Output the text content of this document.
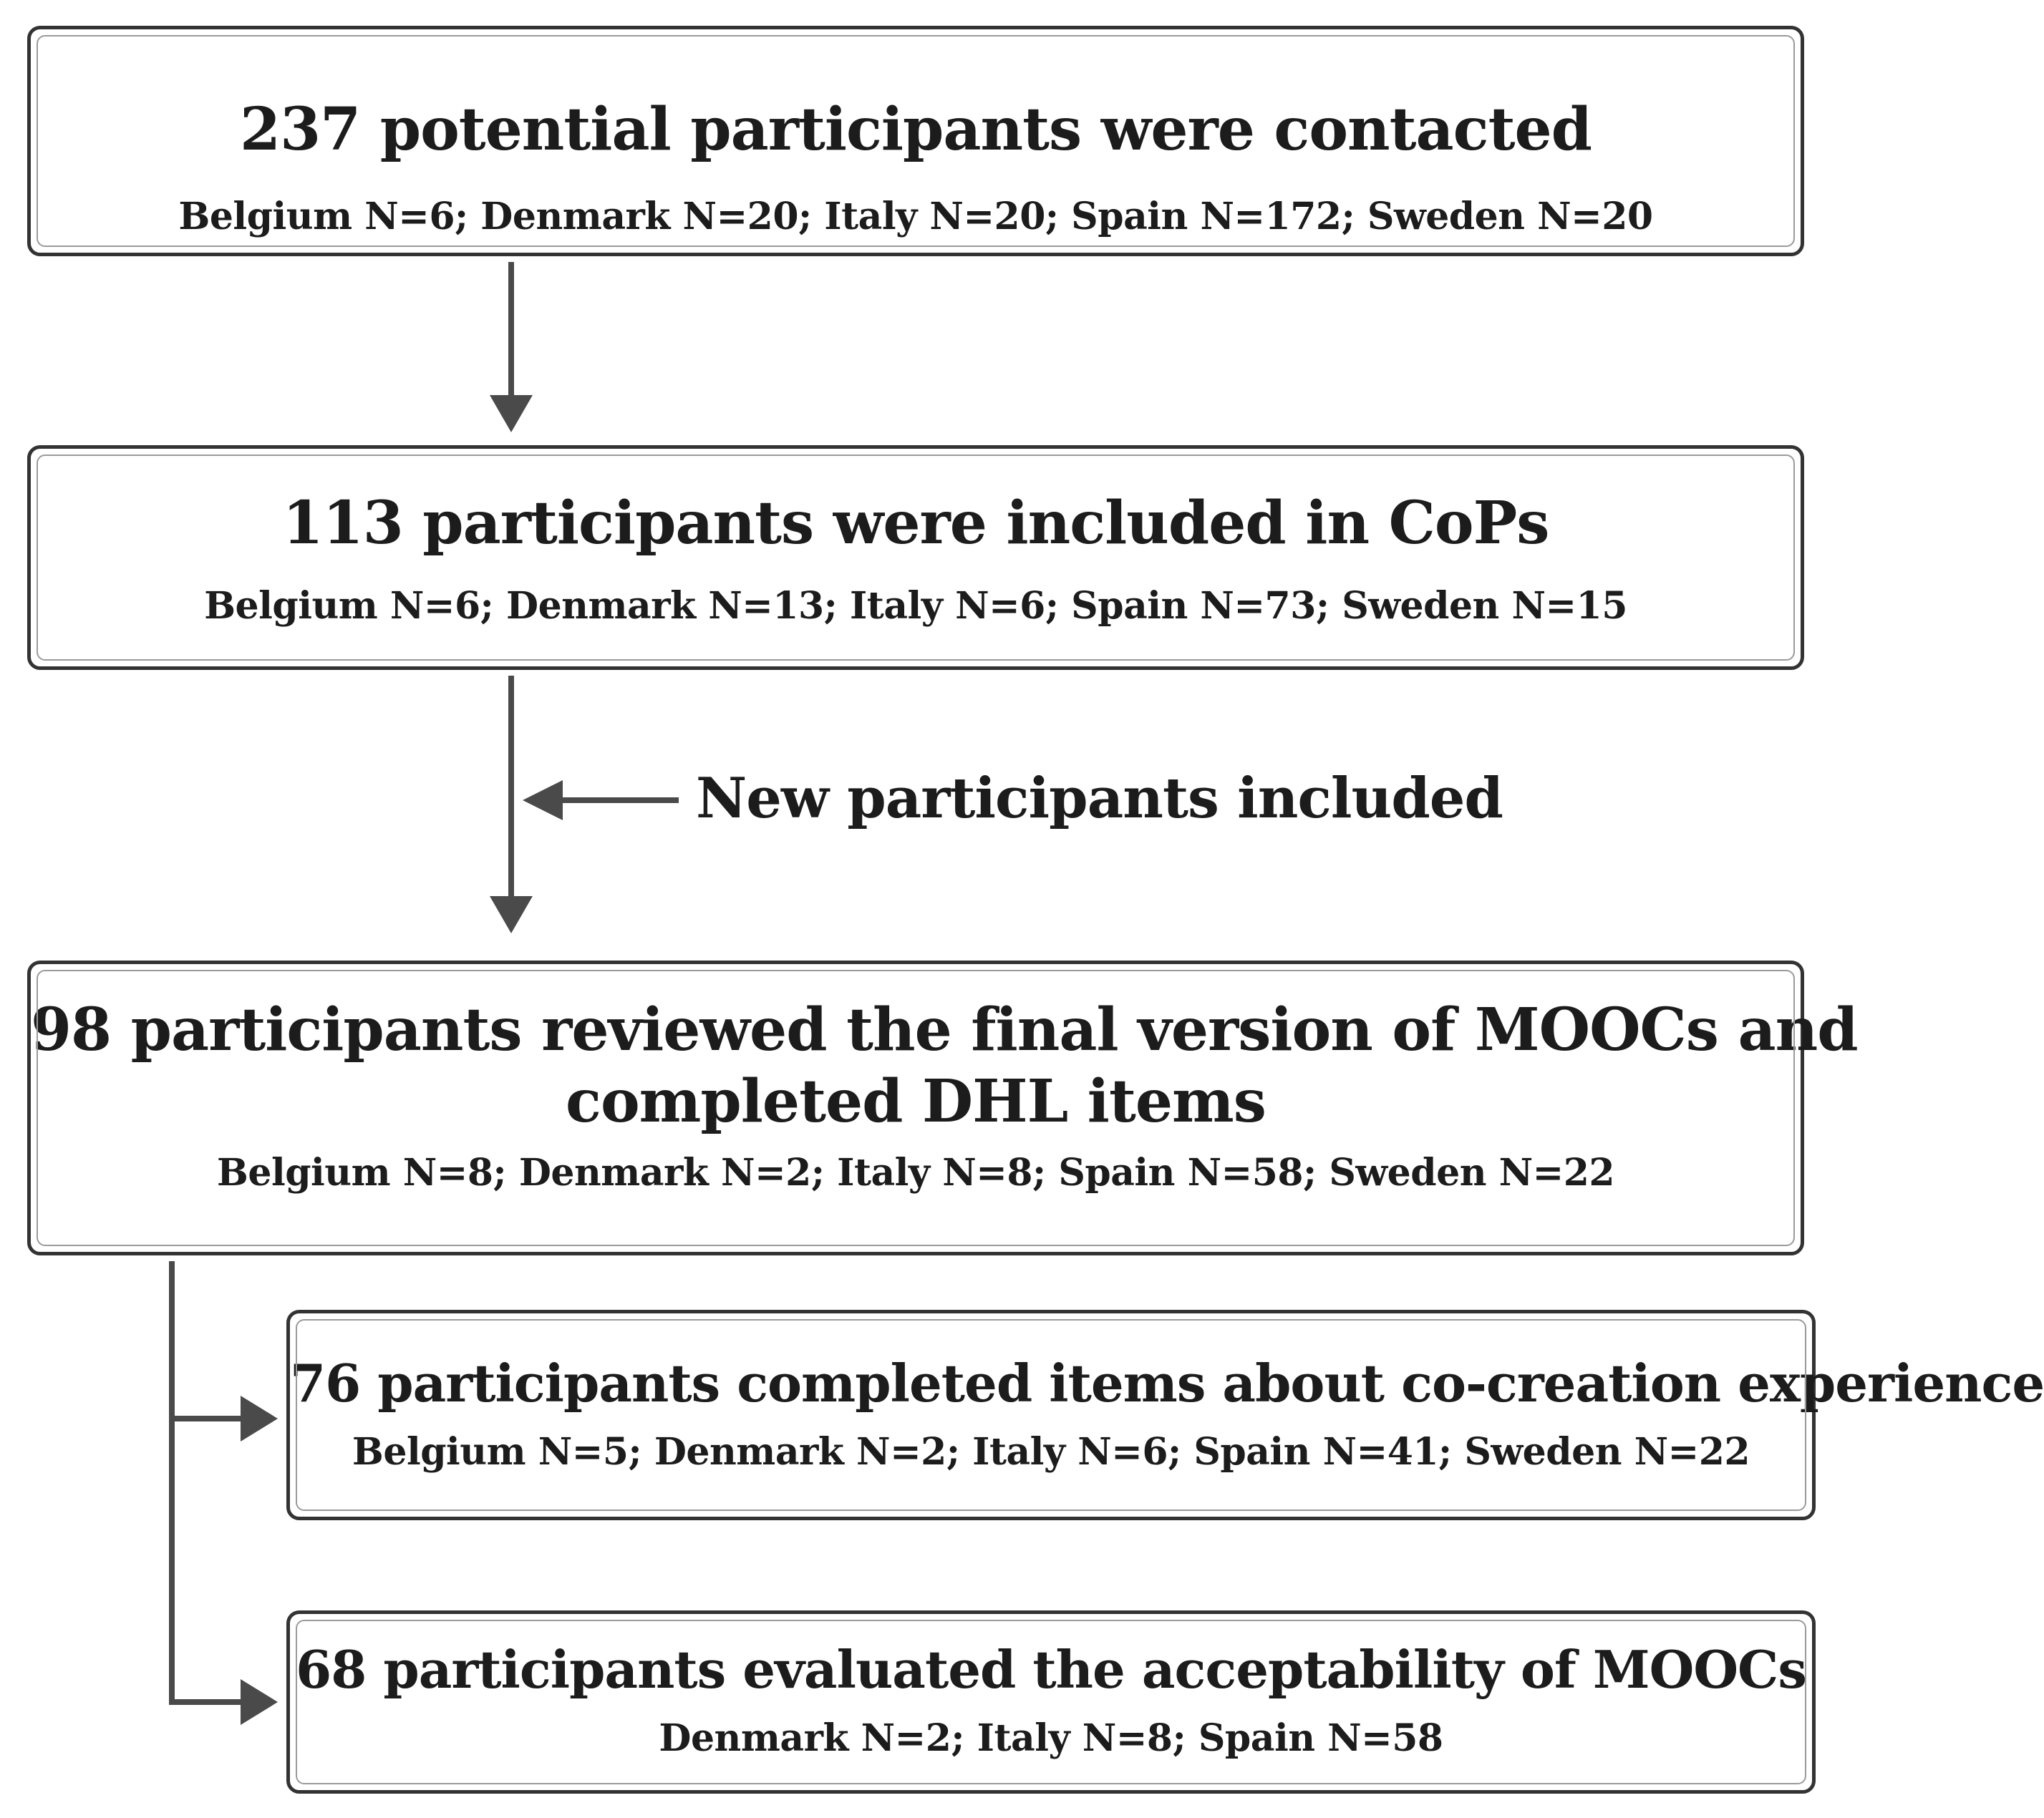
237 potential participants were contacted
Belgium N=6; Denmark N=20; Italy N=20; Spain N=172; Sweden N=20
113 participants were included in CoPs
Belgium N=6; Denmark N=13; Italy N=6; Spain N=73; Sweden N=15
New participants included
98 participants reviewed the final version of MOOCs and
completed DHL items
Belgium N=8; Denmark N=2; Italy N=8; Spain N=58; Sweden N=22
76 participants completed items about co-creation experience
Belgium N=5; Denmark N=2; Italy N=6; Spain N=41; Sweden N=22
68 participants evaluated the acceptability of MOOCs
Denmark N=2; Italy N=8; Spain N=58
